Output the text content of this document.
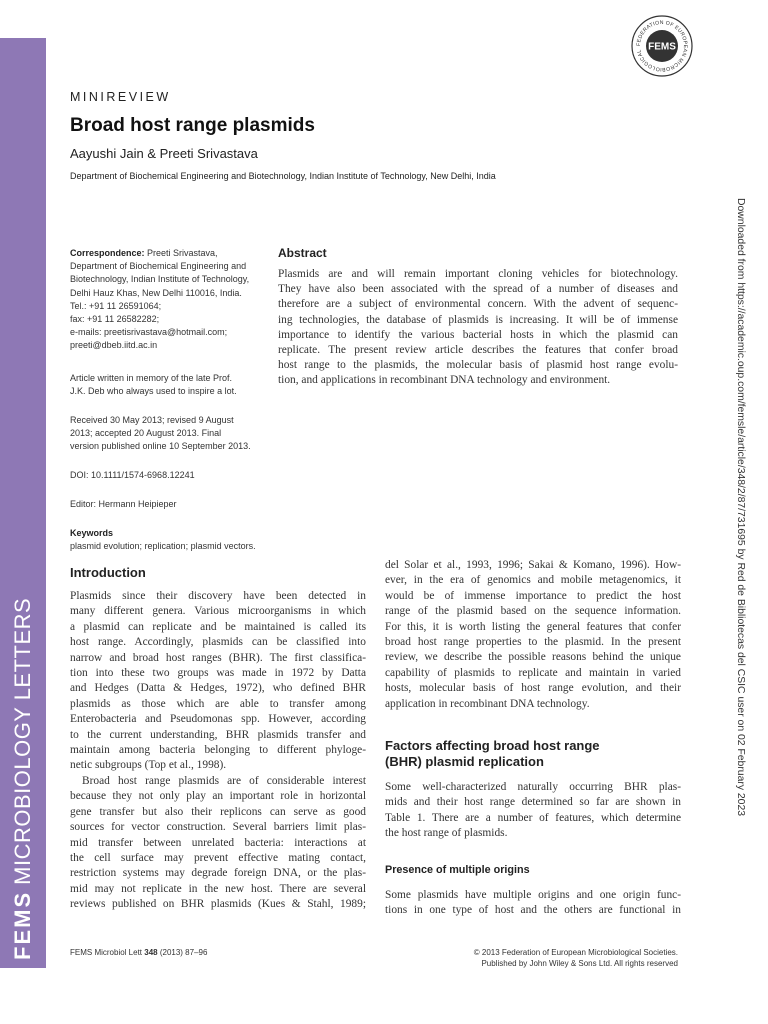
FEMSMICROBIOLOGY LETTERS	Downloaded from https://academic.oup.com/femsle/article/348/2/87/731695 by Red de Bibliotecas del CSIC user on 02 February 2023
FEDERATION OF EUROPEAN MICROBIOLOGICAL FEMS
MINIREVIEW
Broad host range plasmids
Aayushi Jain & Preeti Srivastava
Department of Biochemical Engineering and Biotechnology, Indian Institute of Technology, New Delhi, India
Correspondence: Preeti Srivastava,
Department of Biochemical Engineering and
Biotechnology, Indian Institute of Technology,
Delhi Hauz Khas, New Delhi 110016, India.
Tel.: +91 11 26591064;
fax: +91 11 26582282;
e-mails: preetisrivastava@hotmail.com;
preeti@dbeb.iitd.ac.in
Article written in memory of the late Prof.
J.K. Deb who always used to inspire a lot.
Received 30 May 2013; revised 9 August
2013; accepted 20 August 2013. Final
version published online 10 September 2013.
DOI: 10.1111/1574-6968.12241
Editor: Hermann Heipieper
Keywords
plasmid evolution; replication; plasmid vectors.
Abstract
Plasmids are and will remain important cloning vehicles for biotechnology.
They have also been associated with the spread of a number of diseases and
therefore are a subject of environmental concern. With the advent of sequenc-
ing technologies, the database of plasmids is increasing. It will be of immense
importance to identify the various bacterial hosts in which the plasmid can
replicate. The present review article describes the features that confer broad
host range to the plasmids, the molecular basis of plasmid host range evolu-
tion, and applications in recombinant DNA technology and environment.
Introduction
Plasmids since their discovery have been detected in
many different genera. Various microorganisms in which
a plasmid can replicate and be maintained is called its
host range. Accordingly, plasmids can be classified into
narrow and broad host ranges (BHR). The first classifica-
tion into these two groups was made in 1972 by Datta
and Hedges (Datta & Hedges, 1972), who defined BHR
plasmids as those which are able to transfer among
Enterobacteria and Pseudomonas spp. However, according
to the current understanding, BHR plasmids transfer and
maintain among bacteria belonging to different phyloge-
netic subgroups (Top et al., 1998).
Broad host range plasmids are of considerable interest
because they not only play an important role in horizontal
gene transfer but also their replicons can serve as good
sources for vector construction. Several barriers limit plas-
mid transfer between unrelated bacteria: interactions at
the cell surface may prevent effective mating contact,
restriction systems may degrade foreign DNA, or the plas-
mid may not replicate in the new host. There are several
reviews published on BHR plasmids (Kues & Stahl, 1989;
del Solar et al., 1993, 1996; Sakai & Komano, 1996). How-
ever, in the era of genomics and mobile metagenomics, it
would be of immense importance to predict the host
range of the plasmid based on the sequence information.
For this, it is worth listing the general features that confer
broad host range properties to the plasmid. In the present
review, we describe the possible reasons behind the unique
capability of plasmids to replicate and maintain in varied
hosts, molecular basis of host range evolution, and their
application in recombinant DNA technology.
Factors affecting broad host range
(BHR) plasmid replication
Some well-characterized naturally occurring BHR plas-
mids and their host range determined so far are shown in
Table 1. There are a number of features, which determine
the host range of plasmids.
Presence of multiple origins
Some plasmids have multiple origins and one origin func-
tions in one type of host and the others are functional in
FEMS Microbiol Lett 348 (2013) 87–96	© 2013 Federation of European Microbiological Societies.
Published by John Wiley & Sons Ltd. All rights reserved
